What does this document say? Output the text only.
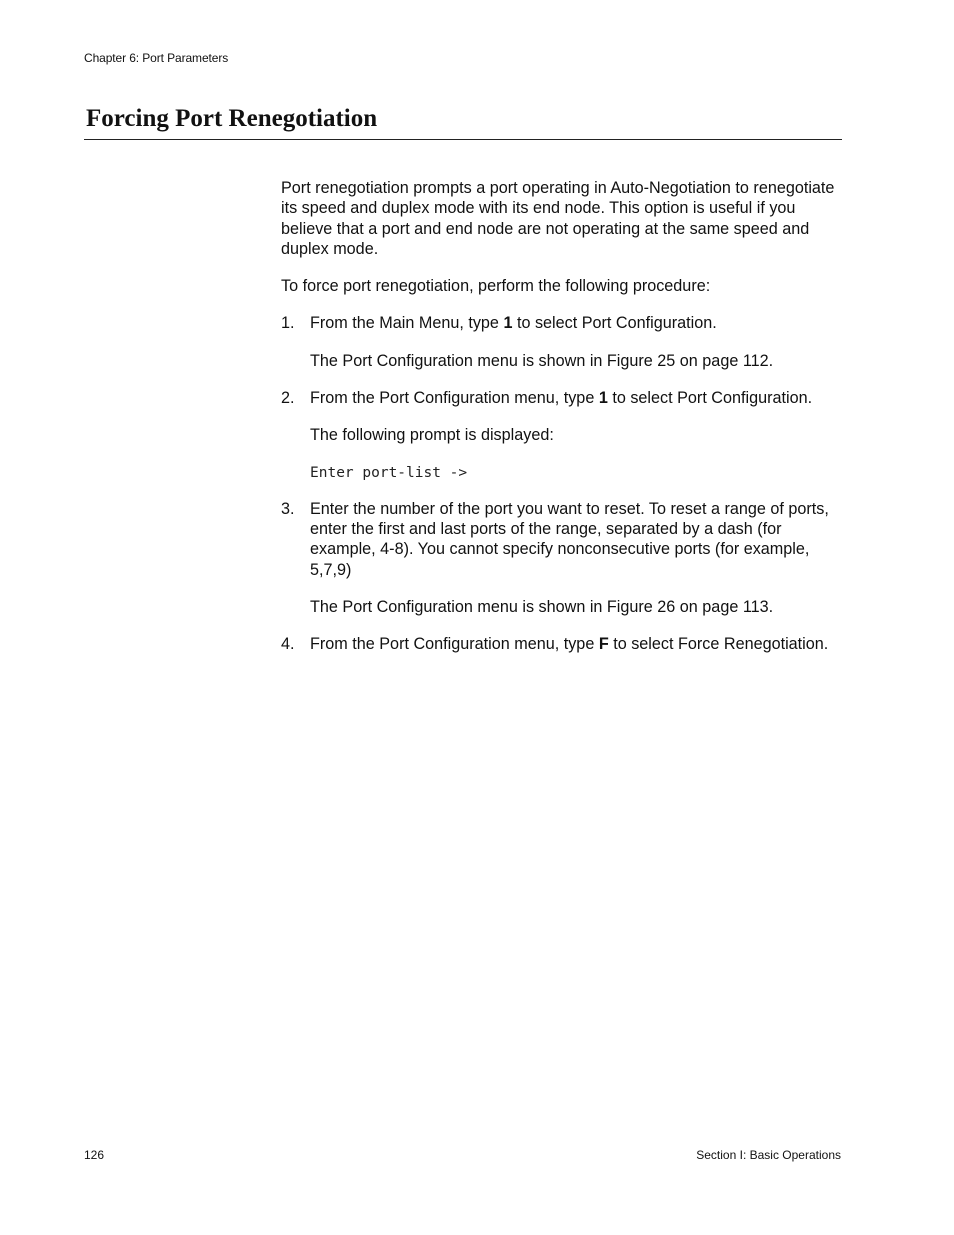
Chapter 6: Port Parameters
Forcing Port Renegotiation

Port renegotiation prompts a port operating in Auto-Negotiation to renegotiate its speed and duplex mode with its end node. This option is useful if you believe that a port and end node are not operating at the same speed and duplex mode.

To force port renegotiation, perform the following procedure:

1. From the Main Menu, type 1 to select Port Configuration.

The Port Configuration menu is shown in Figure 25 on page 112.

2. From the Port Configuration menu, type 1 to select Port Configuration.

The following prompt is displayed:

Enter port-list ->
3. Enter the number of the port you want to reset. To reset a range of ports, enter the first and last ports of the range, separated by a dash (for example, 4-8). You cannot specify nonconsecutive ports (for example, 5,7,9)

The Port Configuration menu is shown in Figure 26 on page 113.

4. From the Port Configuration menu, type F to select Force Renegotiation.
126	Section I: Basic Operations
